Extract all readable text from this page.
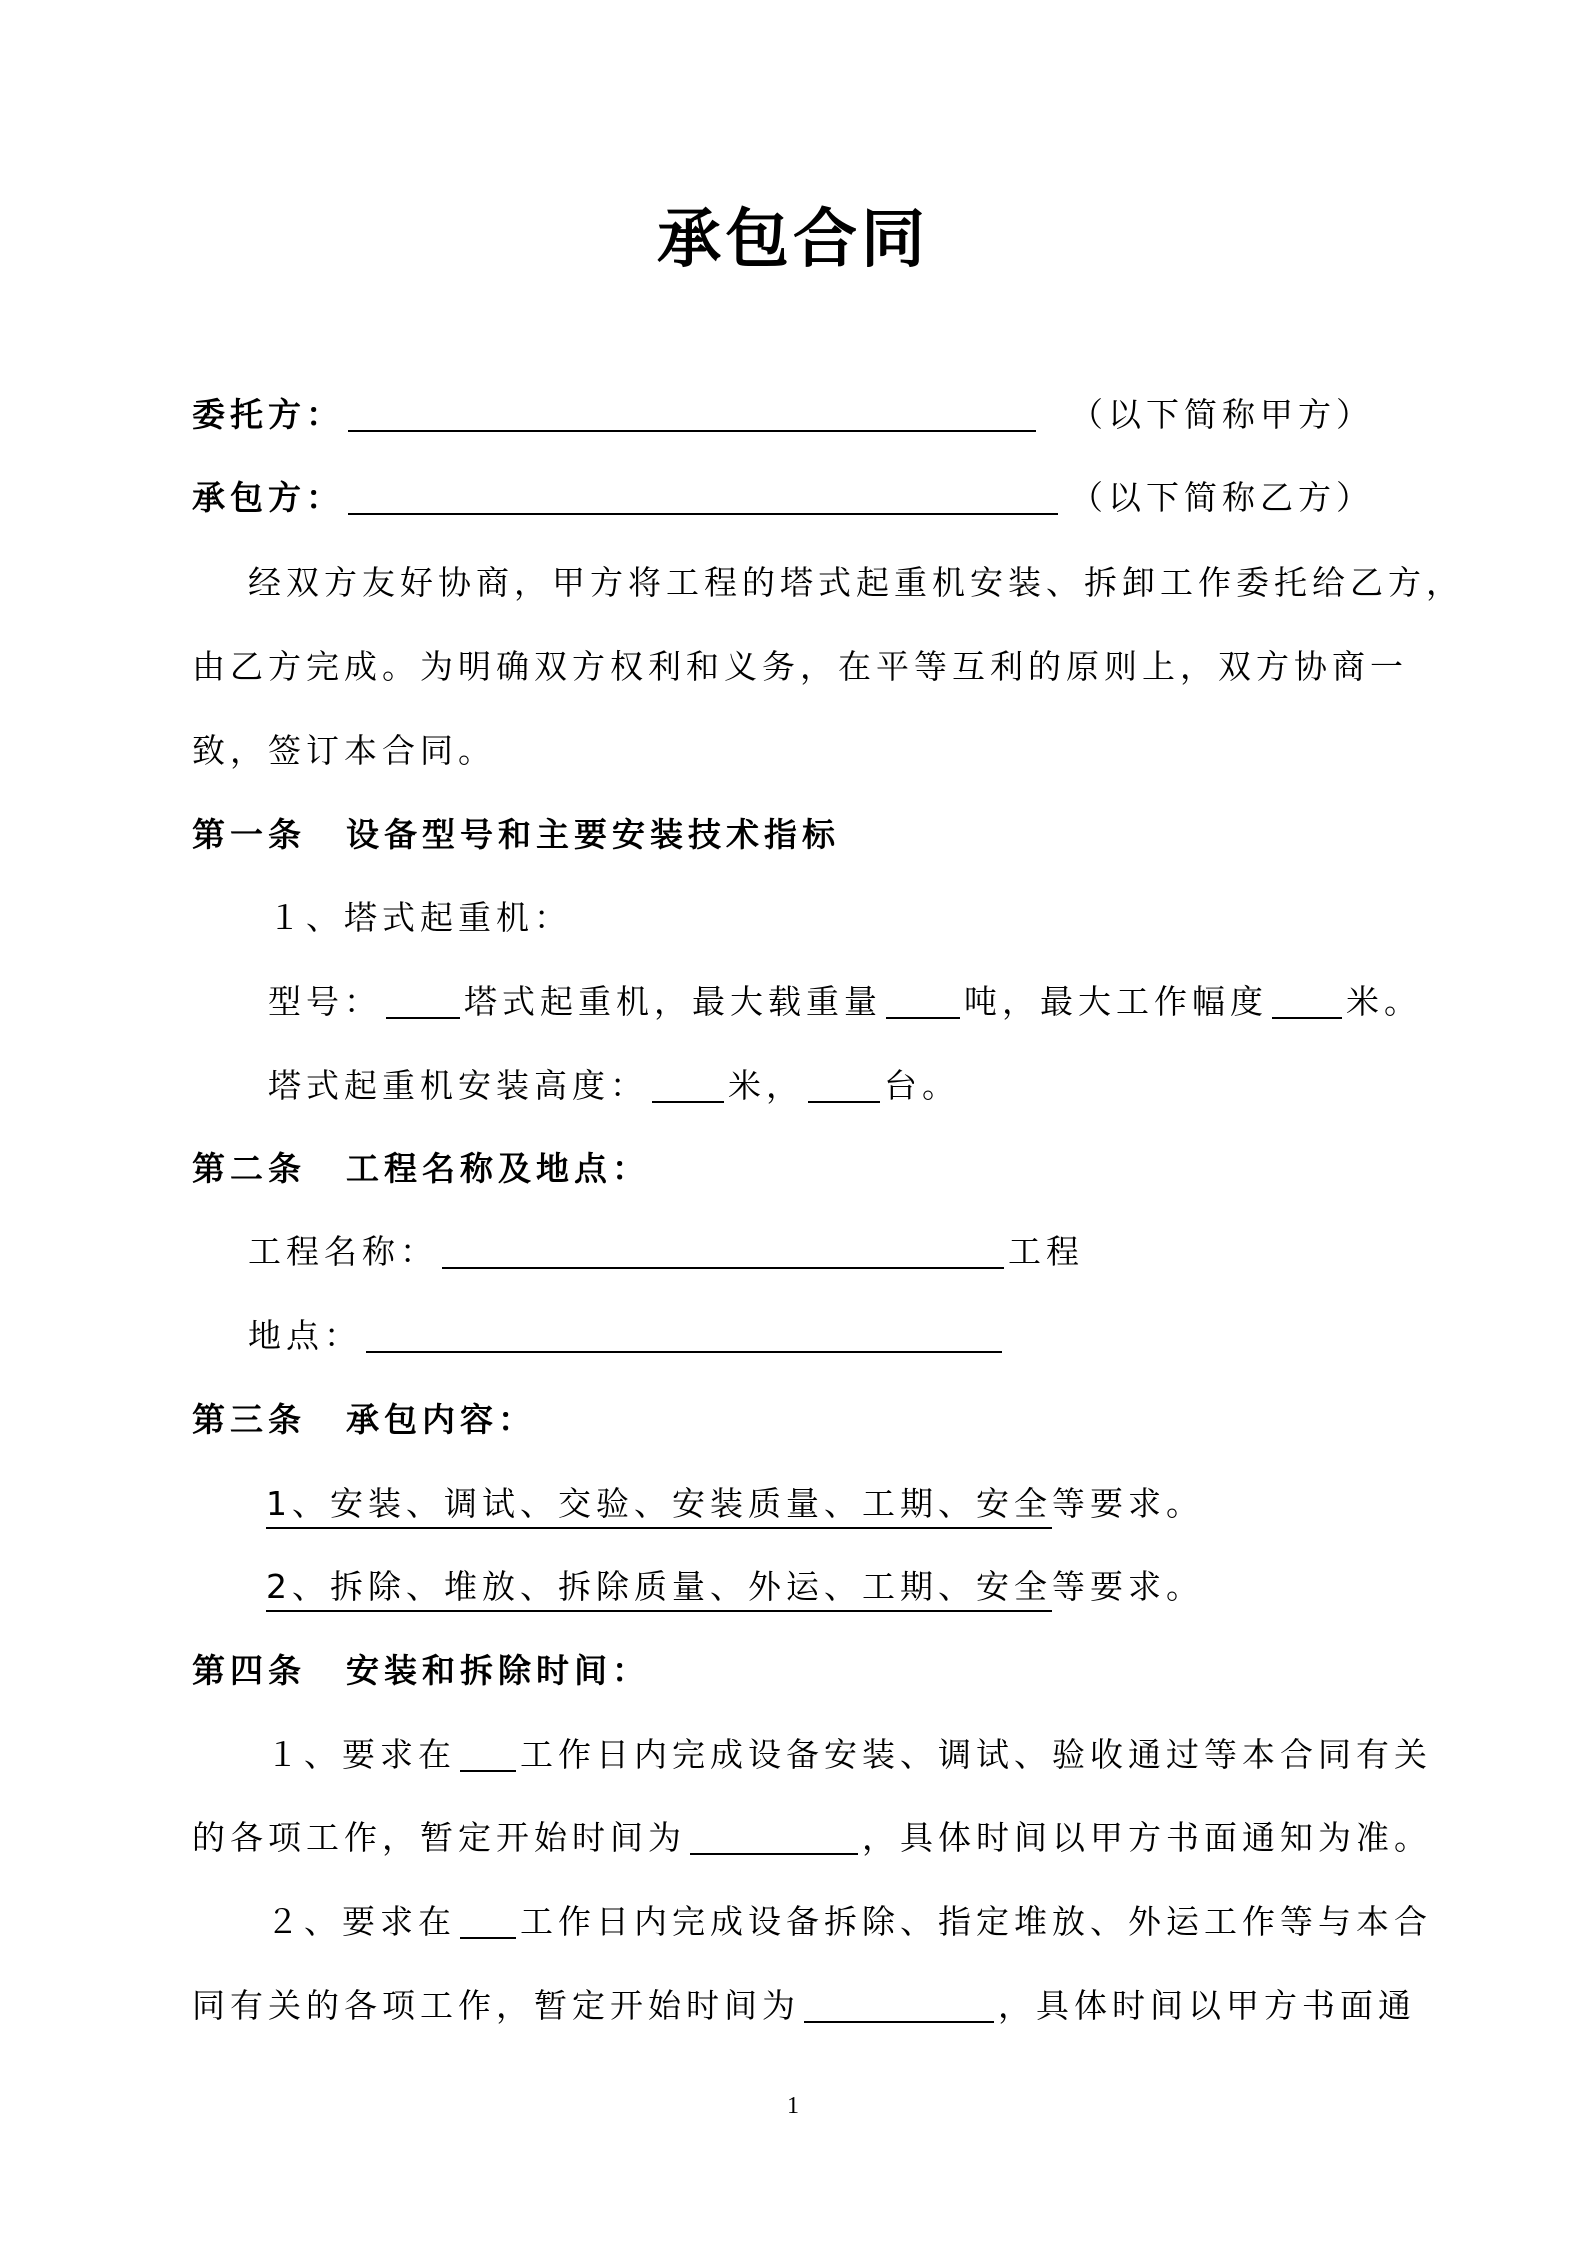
承包合同
委托方：	（以下简称甲方）
承包方：	（以下简称乙方）
经双方友好协商，甲方将工程的塔式起重机安装、拆卸工作委托给乙方，
由乙方完成。为明确双方权利和义务，在平等互利的原则上，双方协商一
致，签订本合同。
第一条 设备型号和主要安装技术指标
１、塔式起重机：
型号： 塔式起重机，最大载重量 吨，最大工作幅度 米。
塔式起重机安装高度： 米， 台。
第二条 工程名称及地点：
工程名称：	工程
地点：
第三条 承包内容：
1、安装、调试、交验、安装质量、工期、安全等要求。
2、拆除、堆放、拆除质量、外运、工期、安全等要求。
第四条 安装和拆除时间：
１、要求在 工作日内完成设备安装、调试、验收通过等本合同有关
的各项工作，暂定开始时间为	，具体时间以甲方书面通知为准。
２、要求在 工作日内完成设备拆除、指定堆放、外运工作等与本合
同有关的各项工作，暂定开始时间为	，具体时间以甲方书面通
1
